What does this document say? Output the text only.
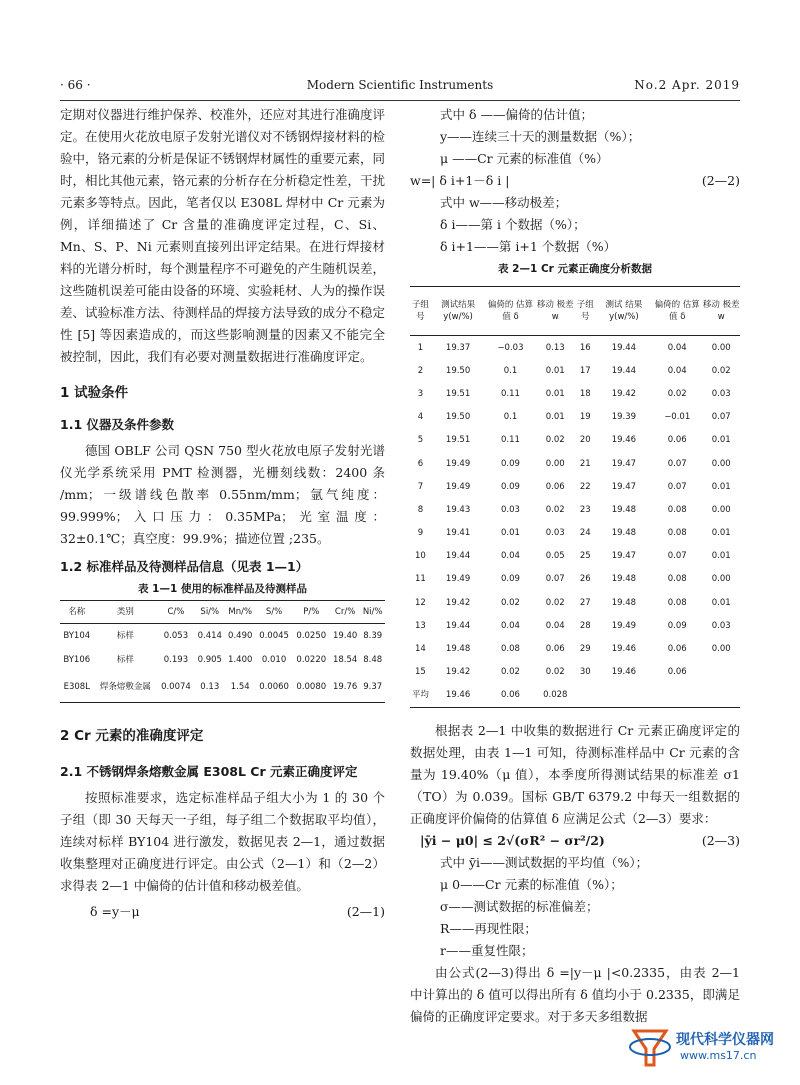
· 66 ·	Modern Scientific Instruments	No.2 Apr. 2019

定期对仪器进行维护保养、校准外，还应对其进行准确度评定。在使用火花放电原子发射光谱仪对不锈钢焊接材料的检验中，铬元素的分析是保证不锈钢焊材属性的重要元素，同时，相比其他元素，铬元素的分析存在分析稳定性差，干扰元素多等特点。因此，笔者仅以 E308L 焊材中 Cr 元素为例，详细描述了 Cr 含量的准确度评定过程，C、Si、Mn、S、P、Ni 元素则直接列出评定结果。在进行焊接材料的光谱分析时，每个测量程序不可避免的产生随机误差，这些随机误差可能由设备的环境、实验耗材、人为的操作误差、试验标准方法、待测样品的焊接方法导致的成分不稳定性 [5] 等因素造成的，而这些影响测量的因素又不能完全被控制，因此，我们有必要对测量数据进行准确度评定。

1 试验条件

1.1 仪器及条件参数

德国 OBLF 公司 QSN 750 型火花放电原子发射光谱仪光学系统采用 PMT 检测器，光栅刻线数：2400 条 /mm；一级谱线色散率 0.55nm/mm；氩气纯度：99.999%；入口压力：0.35MPa；光室温度：32±0.1℃；真空度：99.9%；描迹位置 ;235。

1.2 标准样品及待测样品信息（见表 1—1）

表 1—1 使用的标准样品及待测样品
名称	类别	C/%	Si/%	Mn/%	S/%	P/%	Cr/%	Ni/%
BY104	标样	0.053	0.414	0.490	0.0045	0.0250	19.40	8.39
BY106	标样	0.193	0.905	1.400	0.010	0.0220	18.54	8.48
E308L	焊条熔敷金属	0.0074	0.13	1.54	0.0060	0.0080	19.76	9.37

2 Cr 元素的准确度评定

2.1 不锈钢焊条熔敷金属 E308L Cr 元素正确度评定

按照标准要求，选定标准样品子组大小为 1 的 30 个子组（即 30 天每天一子组，每子组二个数据取平均值），连续对标样 BY104 进行激发，数据见表 2—1，通过数据收集整理对正确度进行评定。由公式（2—1）和（2—2）求得表 2—1 中偏倚的估计值和移动极差值。

δ =y－μ	(2—1)

式中 δ ——偏倚的估计值；

y——连续三十天的测量数据（%）；

μ ——Cr 元素的标准值（%）

w=| δ i+1－δ i |	(2—2)

式中 w——移动极差；

δ i——第 i 个数据（%）；

δ i+1——第 i+1 个数据（%）

表 2—1 Cr 元素正确度分析数据
子组号	测试结果 y(w/%)	偏倚的 估算值 δ	移动 极差 w	子组号	测试 结果 y(w/%)	偏倚的 估算值 δ	移动 极差 w
1	19.37	−0.03	0.13	16	19.44	0.04	0.00
2	19.50	0.1	0.01	17	19.44	0.04	0.02
3	19.51	0.11	0.01	18	19.42	0.02	0.03
4	19.50	0.1	0.01	19	19.39	−0.01	0.07
5	19.51	0.11	0.02	20	19.46	0.06	0.01
6	19.49	0.09	0.00	21	19.47	0.07	0.00
7	19.49	0.09	0.06	22	19.47	0.07	0.01
8	19.43	0.03	0.02	23	19.48	0.08	0.00
9	19.41	0.01	0.03	24	19.48	0.08	0.01
10	19.44	0.04	0.05	25	19.47	0.07	0.01
11	19.49	0.09	0.07	26	19.48	0.08	0.00
12	19.42	0.02	0.02	27	19.48	0.08	0.01
13	19.44	0.04	0.04	28	19.49	0.09	0.03
14	19.48	0.08	0.06	29	19.46	0.06	0.00
15	19.42	0.02	0.02	30	19.46	0.06	
平均	19.46	0.06	0.028				

根据表 2—1 中收集的数据进行 Cr 元素正确度评定的数据处理，由表 1—1 可知，待测标准样品中 Cr 元素的含量为 19.40%（μ 值），本季度所得测试结果的标准差 σ1（TO）为 0.039。国标 GB/T 6379.2 中每天一组数据的正确度评价偏倚的估算值 δ 应满足公式（2—3）要求：

|ȳi − μ0| ≤ 2√(σR² − σr²/2)	(2—3)

式中 ȳi——测试数据的平均值（%）；

μ 0——Cr 元素的标准值（%）；

σ——测试数据的标准偏差；

R——再现性限；

r——重复性限；

由公式(2—3)得出 δ =|y－μ |<0.2335，由表 2—1 中计算出的 δ 值可以得出所有 δ 值均小于 0.2335，即满足偏倚的正确度评定要求。对于多天多组数据

现代科学仪器网
www.ms17.cn
